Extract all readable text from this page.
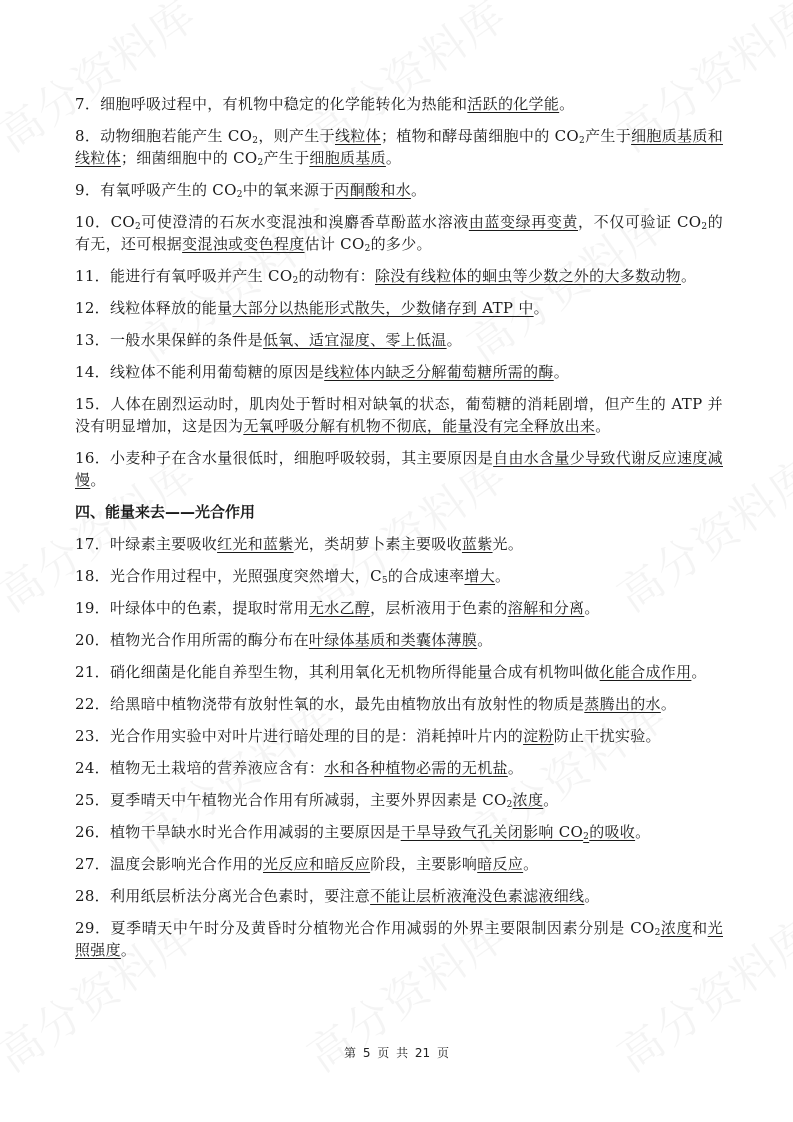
7．细胞呼吸过程中，有机物中稳定的化学能转化为热能和活跃的化学能。

8．动物细胞若能产生 $CO_2$，则产生于线粒体；植物和酵母菌细胞中的 $CO_2$产生于细胞质基质和线粒体；细菌细胞中的 $CO_2$产生于细胞质基质。

9．有氧呼吸产生的 $CO_2$中的氧来源于丙酮酸和水。

10．$CO_2$可使澄清的石灰水变混浊和溴麝香草酚蓝水溶液由蓝变绿再变黄，不仅可验证 $CO_2$的有无，还可根据变混浊或变色程度估计 $CO_2$的多少。

11．能进行有氧呼吸并产生 $CO_2$的动物有：除没有线粒体的蛔虫等少数之外的大多数动物。

12．线粒体释放的能量大部分以热能形式散失，少数储存到 ATP 中。

13．一般水果保鲜的条件是低氧、适宜湿度、零上低温。

14．线粒体不能利用葡萄糖的原因是线粒体内缺乏分解葡萄糖所需的酶。

15．人体在剧烈运动时，肌肉处于暂时相对缺氧的状态，葡萄糖的消耗剧增，但产生的 ATP 并没有明显增加，这是因为无氧呼吸分解有机物不彻底，能量没有完全释放出来。

16．小麦种子在含水量很低时，细胞呼吸较弱，其主要原因是自由水含量少导致代谢反应速度减慢。

四、能量来去——光合作用

17．叶绿素主要吸收红光和蓝紫光，类胡萝卜素主要吸收蓝紫光。

18．光合作用过程中，光照强度突然增大，$C_5$的合成速率增大。

19．叶绿体中的色素，提取时常用无水乙醇，层析液用于色素的溶解和分离。

20．植物光合作用所需的酶分布在叶绿体基质和类囊体薄膜。

21．硝化细菌是化能自养型生物，其利用氧化无机物所得能量合成有机物叫做化能合成作用。

22．给黑暗中植物浇带有放射性氧的水，最先由植物放出有放射性的物质是蒸腾出的水。

23．光合作用实验中对叶片进行暗处理的目的是：消耗掉叶片内的淀粉防止干扰实验。

24．植物无土栽培的营养液应含有：水和各种植物必需的无机盐。

25．夏季晴天中午植物光合作用有所减弱，主要外界因素是 $CO_2$浓度。

26．植物干旱缺水时光合作用减弱的主要原因是干旱导致气孔关闭影响 $CO_2$的吸收。

27．温度会影响光合作用的光反应和暗反应阶段，主要影响暗反应。

28．利用纸层析法分离光合色素时，要注意不能让层析液淹没色素滤液细线。

29．夏季晴天中午时分及黄昏时分植物光合作用减弱的外界主要限制因素分别是 $CO_2$浓度和光照强度。

第 5 页 共 21 页
